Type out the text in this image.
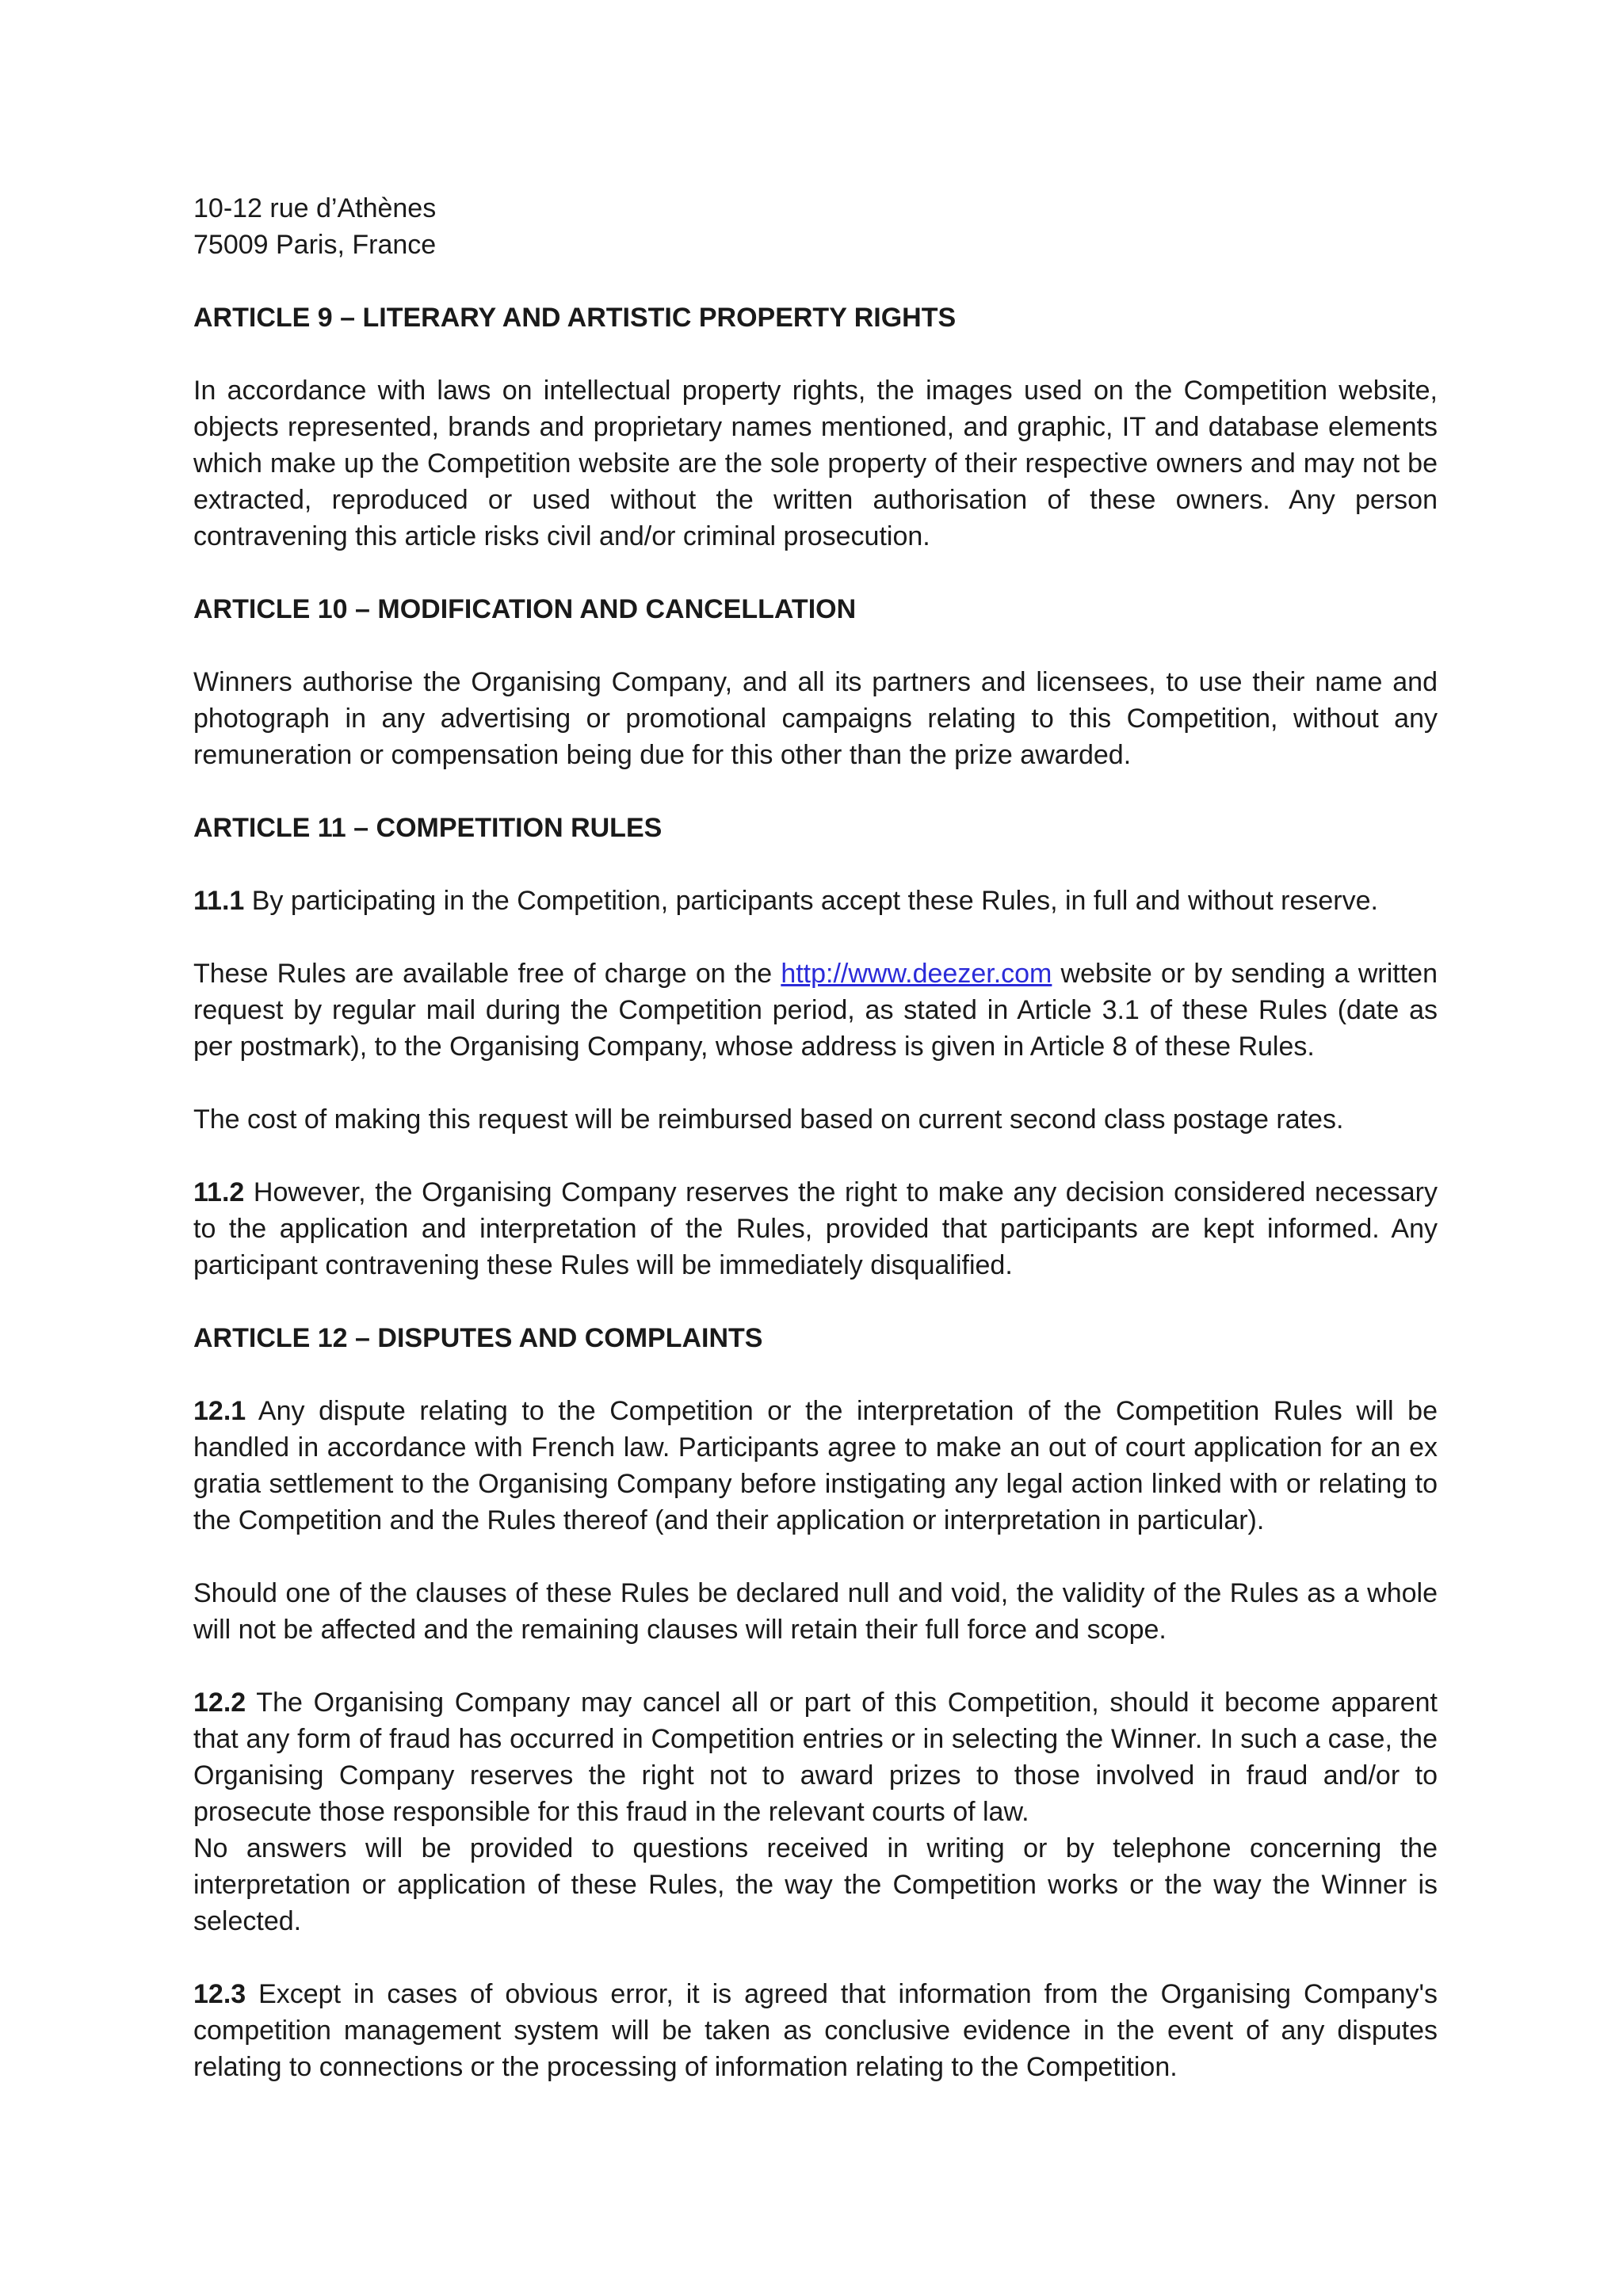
10-12 rue d’Athènes
75009 Paris, France
ARTICLE 9 – LITERARY AND ARTISTIC PROPERTY RIGHTS

In accordance with laws on intellectual property rights, the images used on the Competition website, objects represented, brands and proprietary names mentioned, and graphic, IT and database elements which make up the Competition website are the sole property of their respective owners and may not be extracted, reproduced or used without the written authorisation of these owners. Any person contravening this article risks civil and/or criminal prosecution.

ARTICLE 10 – MODIFICATION AND CANCELLATION

Winners authorise the Organising Company, and all its partners and licensees, to use their name and photograph in any advertising or promotional campaigns relating to this Competition, without any remuneration or compensation being due for this other than the prize awarded.

ARTICLE 11 – COMPETITION RULES

11.1 By participating in the Competition, participants accept these Rules, in full and without reserve.

These Rules are available free of charge on the http://www.deezer.com website or by sending a written request by regular mail during the Competition period, as stated in Article 3.1 of these Rules (date as per postmark), to the Organising Company, whose address is given in Article 8 of these Rules.

The cost of making this request will be reimbursed based on current second class postage rates.

11.2 However, the Organising Company reserves the right to make any decision considered necessary to the application and interpretation of the Rules, provided that participants are kept informed. Any participant contravening these Rules will be immediately disqualified.

ARTICLE 12 – DISPUTES AND COMPLAINTS

12.1 Any dispute relating to the Competition or the interpretation of the Competition Rules will be handled in accordance with French law. Participants agree to make an out of court application for an ex gratia settlement to the Organising Company before instigating any legal action linked with or relating to the Competition and the Rules thereof (and their application or interpretation in particular).

Should one of the clauses of these Rules be declared null and void, the validity of the Rules as a whole will not be affected and the remaining clauses will retain their full force and scope.

12.2 The Organising Company may cancel all or part of this Competition, should it become apparent that any form of fraud has occurred in Competition entries or in selecting the Winner. In such a case, the Organising Company reserves the right not to award prizes to those involved in fraud and/or to prosecute those responsible for this fraud in the relevant courts of law.

No answers will be provided to questions received in writing or by telephone concerning the interpretation or application of these Rules, the way the Competition works or the way the Winner is selected.

12.3 Except in cases of obvious error, it is agreed that information from the Organising Company's competition management system will be taken as conclusive evidence in the event of any disputes relating to connections or the processing of information relating to the Competition.
